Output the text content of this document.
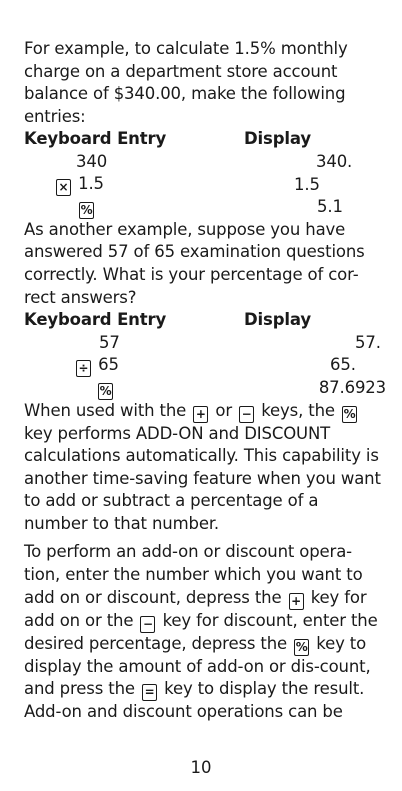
For example, to calculate 1.5% monthly charge on a department store account balance of $340.00, make the following entries:

Keyboard Entry	Display
340	340.
× 1.5	1.5
%	5.1

As another example, suppose you have answered 57 of 65 examination questions correctly. What is your percentage of cor-rect answers?

Keyboard Entry	Display
57	57.
÷ 65	65.
%	87.6923

When used with the + or − keys, the % key performs ADD-ON and DISCOUNT calculations automatically. This capability is another time-saving feature when you want to add or subtract a percentage of a number to that number.

To perform an add-on or discount opera-tion, enter the number which you want to add on or discount, depress the + key for add on or the − key for discount, enter the desired percentage, depress the % key to display the amount of add-on or dis-count, and press the = key to display the result.

Add-on and discount operations can be

10
